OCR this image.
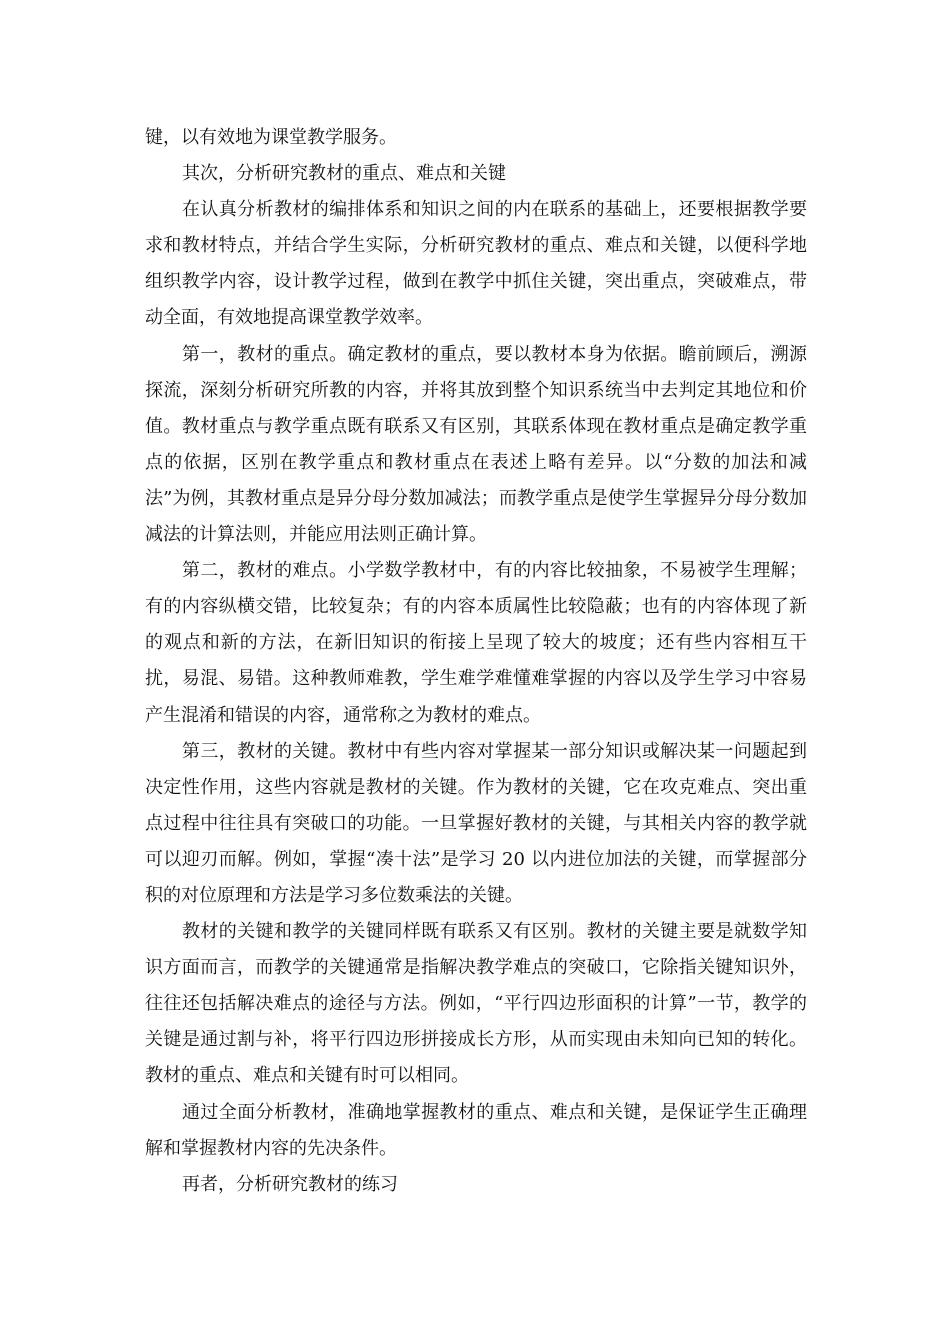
键，以有效地为课堂教学服务。

其次，分析研究教材的重点、难点和关键

在认真分析教材的编排体系和知识之间的内在联系的基础上，还要根据教学要求和教材特点，并结合学生实际，分析研究教材的重点、难点和关键，以便科学地组织教学内容，设计教学过程，做到在教学中抓住关键，突出重点，突破难点，带动全面，有效地提高课堂教学效率。

第一，教材的重点。确定教材的重点，要以教材本身为依据。瞻前顾后，溯源探流，深刻分析研究所教的内容，并将其放到整个知识系统当中去判定其地位和价值。教材重点与教学重点既有联系又有区别，其联系体现在教材重点是确定教学重点的依据，区别在教学重点和教材重点在表述上略有差异。以“分数的加法和减法”为例，其教材重点是异分母分数加减法；而教学重点是使学生掌握异分母分数加减法的计算法则，并能应用法则正确计算。

第二，教材的难点。小学数学教材中，有的内容比较抽象，不易被学生理解；有的内容纵横交错，比较复杂；有的内容本质属性比较隐蔽；也有的内容体现了新的观点和新的方法，在新旧知识的衔接上呈现了较大的坡度；还有些内容相互干扰，易混、易错。这种教师难教，学生难学难懂难掌握的内容以及学生学习中容易产生混淆和错误的内容，通常称之为教材的难点。

第三，教材的关键。教材中有些内容对掌握某一部分知识或解决某一问题起到决定性作用，这些内容就是教材的关键。作为教材的关键，它在攻克难点、突出重点过程中往往具有突破口的功能。一旦掌握好教材的关键，与其相关内容的教学就可以迎刃而解。例如，掌握“凑十法”是学习 20 以内进位加法的关键，而掌握部分积的对位原理和方法是学习多位数乘法的关键。

教材的关键和教学的关键同样既有联系又有区别。教材的关键主要是就数学知识方面而言，而教学的关键通常是指解决教学难点的突破口，它除指关键知识外，往往还包括解决难点的途径与方法。例如，“平行四边形面积的计算”一节，教学的关键是通过割与补，将平行四边形拼接成长方形，从而实现由未知向已知的转化。教材的重点、难点和关键有时可以相同。

通过全面分析教材，准确地掌握教材的重点、难点和关键，是保证学生正确理解和掌握教材内容的先决条件。

再者，分析研究教材的练习
